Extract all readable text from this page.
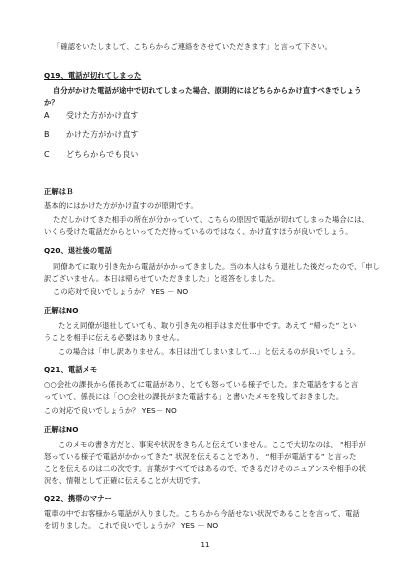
「確認をいたしまして、こちらからご連絡をさせていただきます」と言って下さい。
Q19、電話が切れてしまった
自分がかけた電話が途中で切れてしまった場合、原則的にはどちらからかけ直すべきでしょう
か？
A 受けた方がかけ直す
B かけた方がかけ直す
C どちらからでも良い
正解はＢ
基本的にはかけた方がかけ直すのが原則です。
ただしかけてきた相手の所在が分かっていて、こちらの原因で電話が切れてしまった場合には、
いくら受けた電話だからといってただ待っているのではなく、かけ直すほうが良いでしょう。
Q20、退社後の電話
同僚あてに取り引き先から電話がかかってきました。当の本人はもう退社した後だったので、「申し
訳ございません。本日は帰らせていただきました」と返答をしました。
この応対で良いでしょうか？ YES － NO
正解はNO
たとえ同僚が退社していても、取り引き先の相手はまだ仕事中です。あえて “帰った” とい
うことを相手に伝える必要はありません。
この場合は「申し訳ありません。本日は出てしまいまして…」と伝えるのが良いでしょう。
Q21、電話メモ
○○会社の課長から係長あてに電話があり、とても怒っている様子でした。また電話をすると言
っていて、係長には「○○会社の課長がまた電話する」と書いたメモを残しておきました。
この対応で良いでしょうか？ YES－ NO
正解はNO
このメモの書き方だと、事実や状況をきちんと伝えていません。ここで大切なのは、 “相手が
怒っている様子で電話がかかってきた” 状況を伝えることであり、 “相手が電話する” と言った
ことを伝えるのは二の次です。言葉がすべてではあるので、できるだけそのニュアンスや相手の状
況を、情報として正確に伝えることが大切です。
Q22、携帯のマナー
電車の中でお客様から電話が入りました。こちらから今話せない状況であることを言って、電話
を切りました。 これで良いでしょうか？ YES － NO
11
